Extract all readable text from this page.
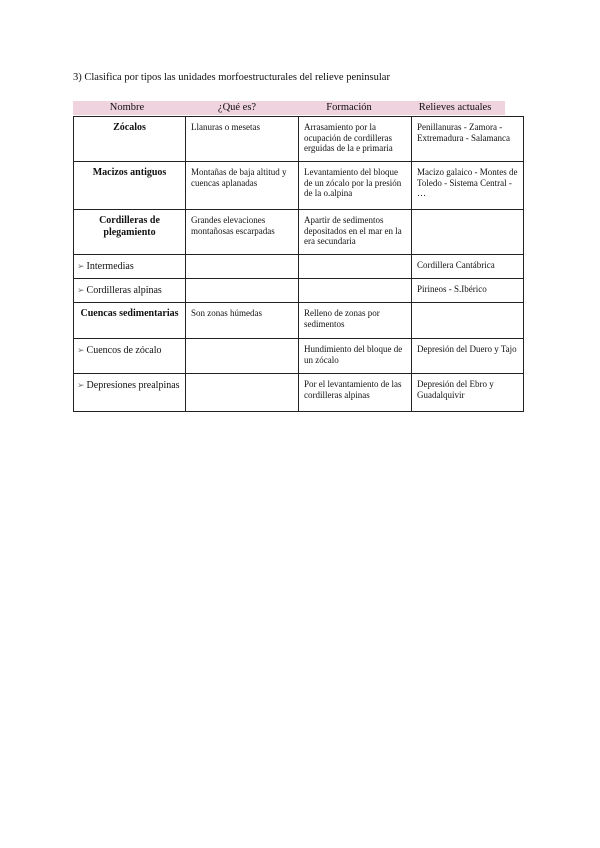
3) Clasifica por tipos las unidades morfoestructurales del relieve peninsular
Nombre	¿Qué es?	Formación	Relieves actuales
Zócalos	Llanuras o mesetas	Arrasamiento por la ocupación de cordilleras erguidas de la e primaria	Penillanuras - Zamora - Extremadura - Salamanca
Macizos antiguos	Montañas de baja altitud y cuencas aplanadas	Levantamiento del bloque de un zócalo por la presión de la o.alpina	Macizo galaico - Montes de Toledo - Sistema Central - …
Cordilleras de plegamiento	Grandes elevaciones montañosas escarpadas	Apartir de sedimentos depositados en el mar en la era secundaria	
➢ Intermedias			Cordillera Cantábrica
➢ Cordilleras alpinas			Pirineos - S.Ibérico
Cuencas sedimentarias	Son zonas húmedas	Relleno de zonas por sedimentos	
➢ Cuencos de zócalo		Hundimiento del bloque de un zócalo	Depresión del Duero y Tajo
➢ Depresiones prealpinas		Por el levantamiento de las cordilleras alpinas	Depresión del Ebro y Guadalquivir
